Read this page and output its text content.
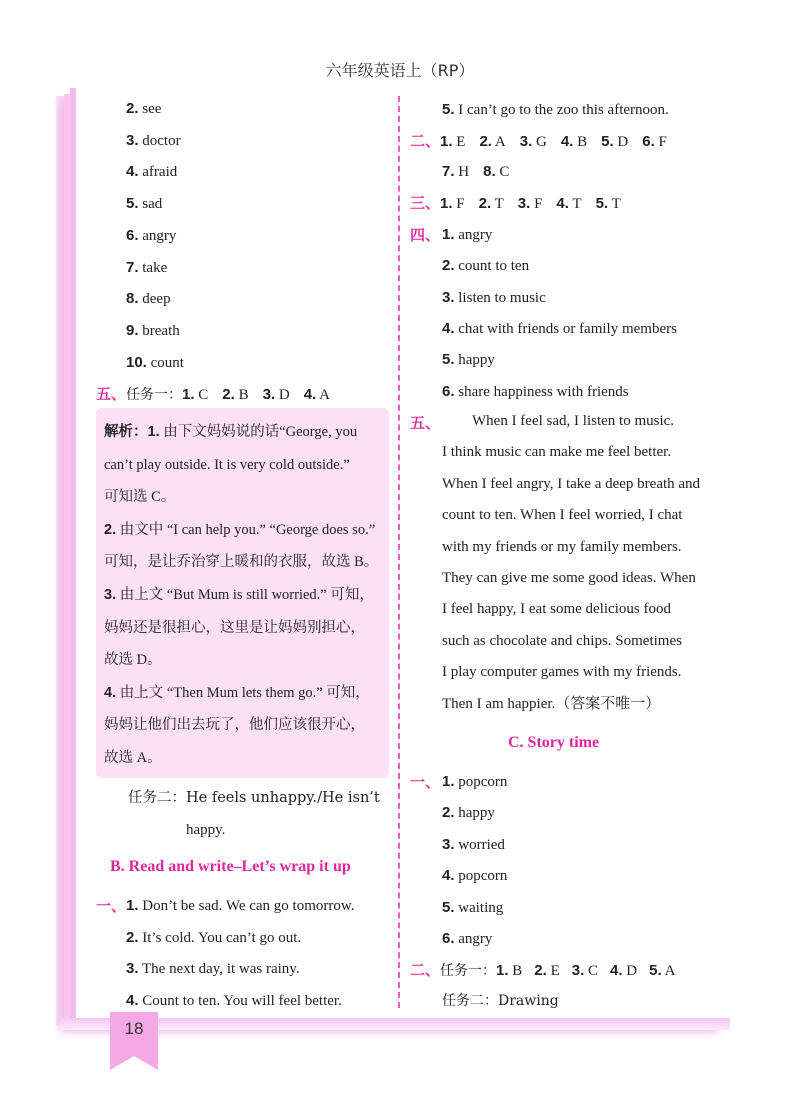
六年级英语上（RP）
2. see
3. doctor
4. afraid
5. sad
6. angry
7. take
8. deep
9. breath
10. count
五、任务一：1. C 2. B 3. D 4. A
解析：1. 由下文妈妈说的话“George, you
can’t play outside. It is very cold outside.”
可知选 C。
2. 由文中 “I can help you.” “George does so.”
可知，是让乔治穿上暖和的衣服，故选 B。
3. 由上文 “But Mum is still worried.” 可知，
妈妈还是很担心，这里是让妈妈别担心，
故选 D。
4. 由上文 “Then Mum lets them go.” 可知，
妈妈让他们出去玩了，他们应该很开心，
故选 A。
任务二：He feels unhappy./He isn’t
happy.
B. Read and write–Let’s wrap it up
一、 1. Don’t be sad. We can go tomorrow.
2. It’s cold. You can’t go out.
3. The next day, it was rainy.
4. Count to ten. You will feel better.
5. I can’t go to the zoo this afternoon.
二、1. E 2. A 3. G 4. B 5. D 6. F
7. H 8. C
三、1. F 2. T 3. F 4. T 5. T
四、 1. angry
2. count to ten
3. listen to music
4. chat with friends or family members
5. happy
6. share happiness with friends
五、	When I feel sad, I listen to music.
I think music can make me feel better.
When I feel angry, I take a deep breath and
count to ten. When I feel worried, I chat
with my friends or my family members.
They can give me some good ideas. When
I feel happy, I eat some delicious food
such as chocolate and chips. Sometimes
I play computer games with my friends.
Then I am happier.（答案不唯一）
C. Story time
一、 1. popcorn
2. happy
3. worried
4. popcorn
5. waiting
6. angry
二、任务一：1. B 2. E 3. C 4. D 5. A
任务二：Drawing
18
